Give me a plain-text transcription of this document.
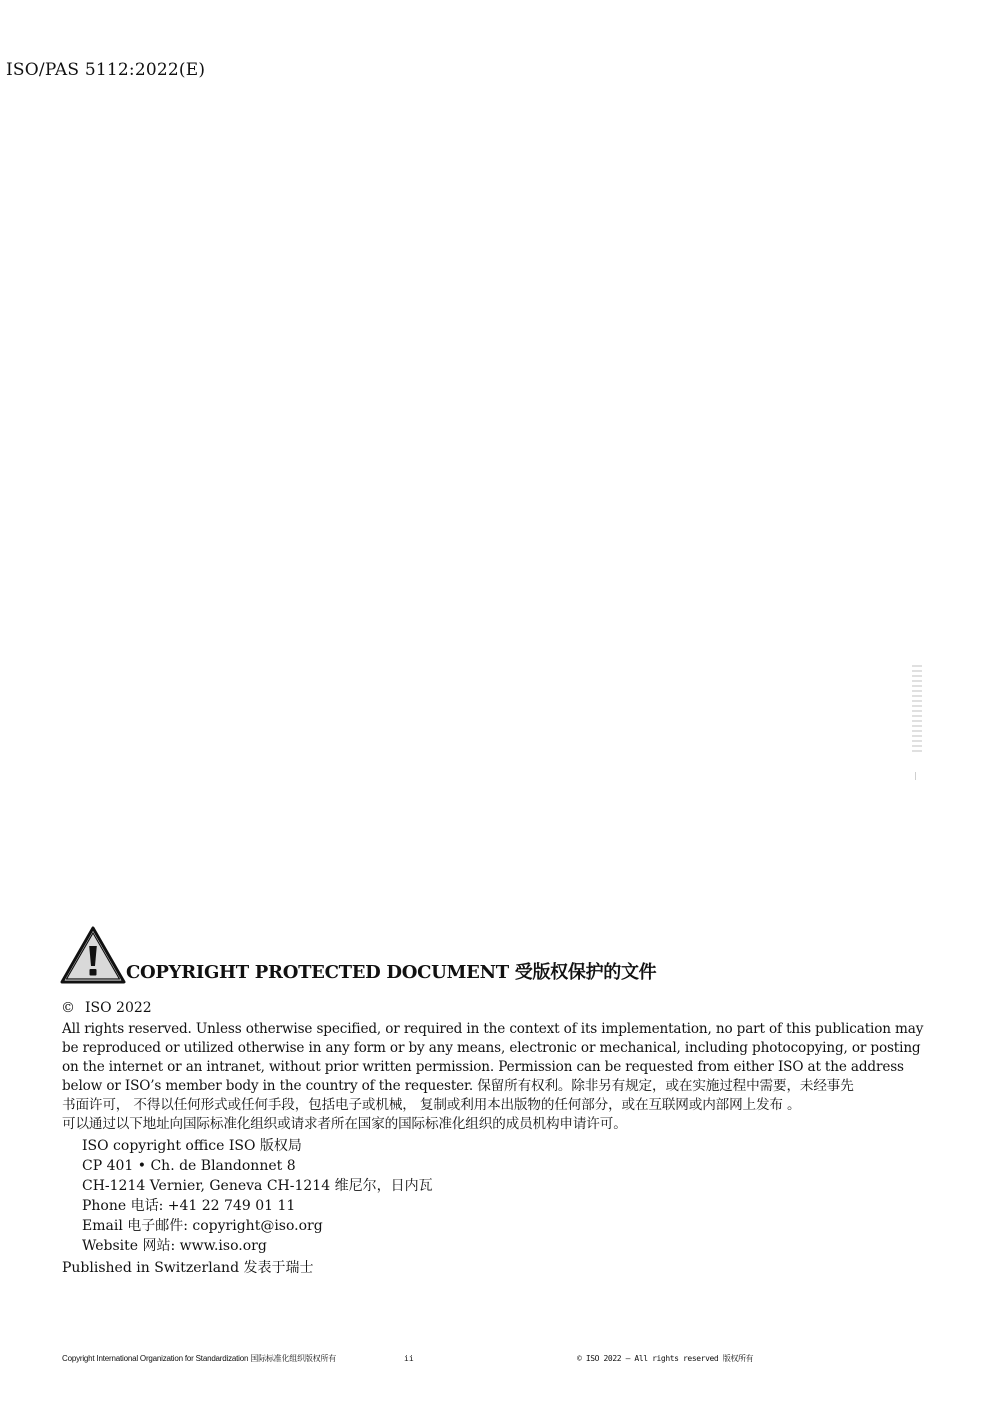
ISO/PAS 5112:2022(E)
COPYRIGHT PROTECTED DOCUMENT 受版权保护的文件
© ISO 2022

All rights reserved. Unless otherwise specified, or required in the context of its implementation, no part of this publication may

be reproduced or utilized otherwise in any form or by any means, electronic or mechanical, including photocopying, or posting

on the internet or an intranet, without prior written permission. Permission can be requested from either ISO at the address

below or ISO’s member body in the country of the requester. 保留所有权利。除非另有规定，或在实施过程中需要，未经事先

书面许可， 不得以任何形式或任何手段，包括电子或机械， 复制或利用本出版物的任何部分，或在互联网或内部网上发布 。

可以通过以下地址向国际标准化组织或请求者所在国家的国际标准化组织的成员机构申请许可。

ISO copyright office ISO 版权局
CP 401 • Ch. de Blandonnet 8
CH-1214 Vernier, Geneva CH-1214 维尼尔，日内瓦
Phone 电话: +41 22 749 01 11
Email 电子邮件: copyright@iso.org
Website 网站: www.iso.org
Published in Switzerland 发表于瑞士
Copyright International Organization for Standardization 国际标准化组织版权所有	ii	© ISO 2022 – All rights reserved 版权所有
